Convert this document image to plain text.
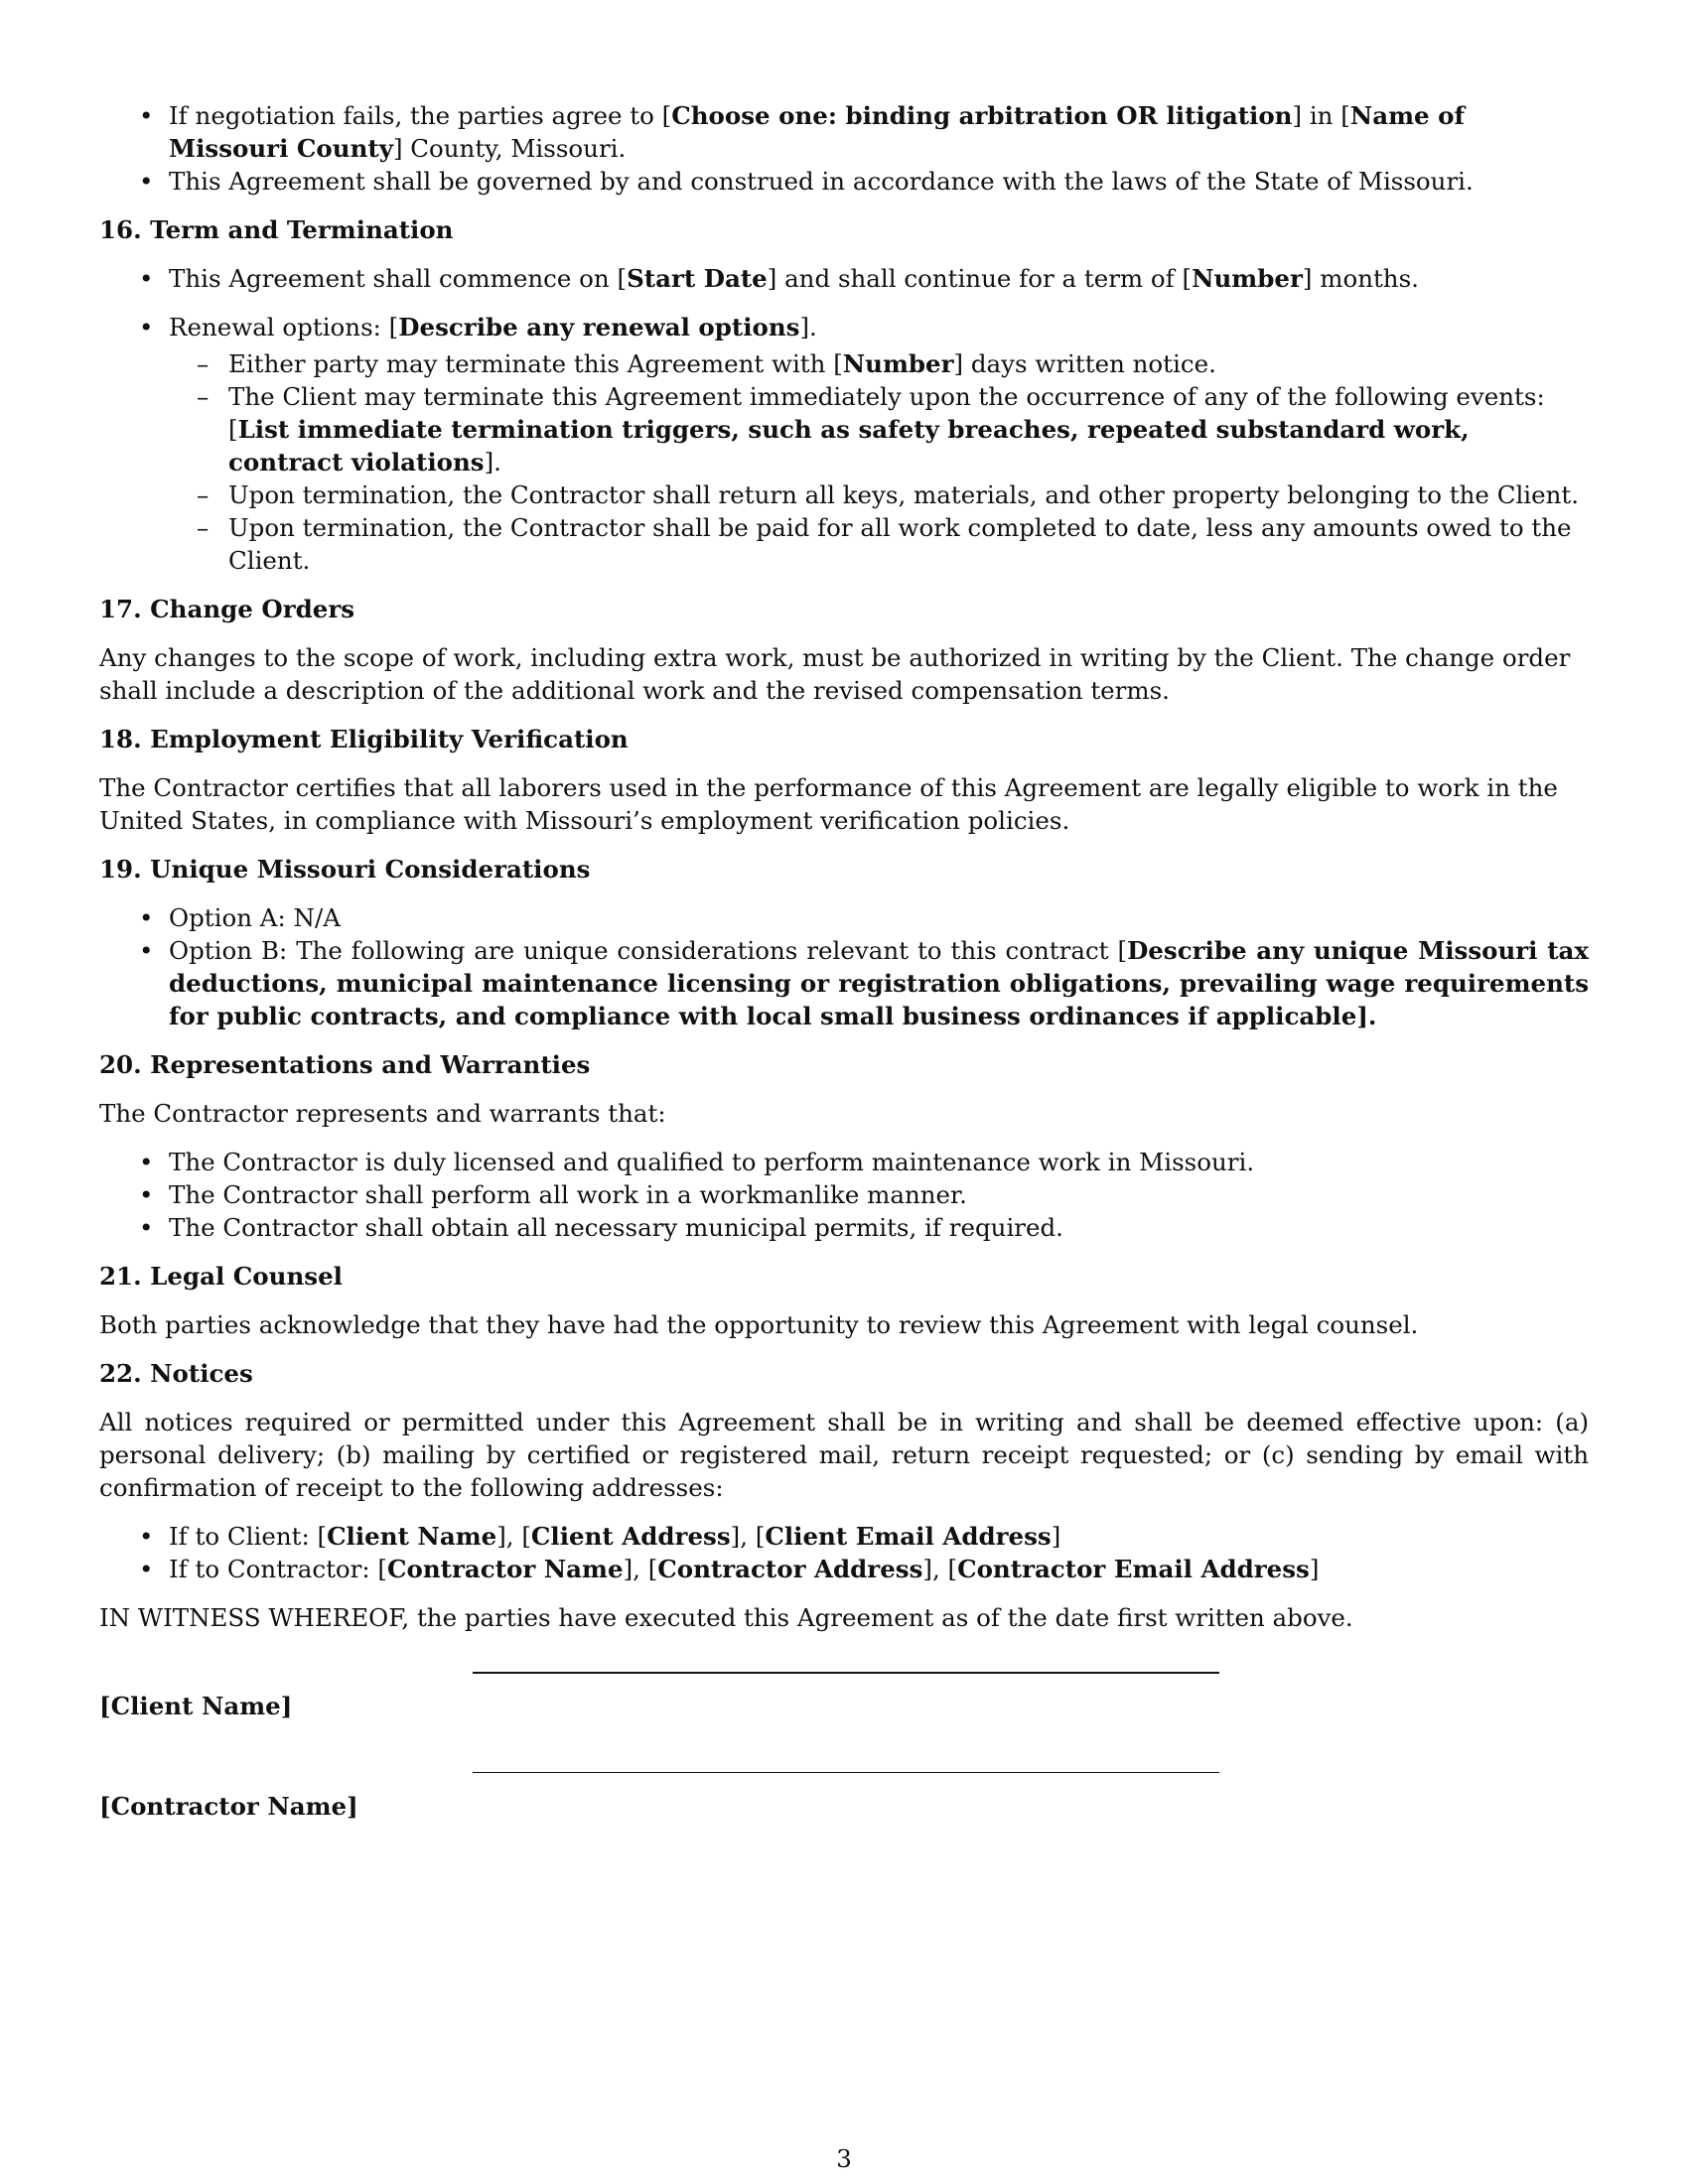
• If negotiation fails, the parties agree to [Choose one: binding arbitration OR litigation] in [Name of Missouri County] County, Missouri.
• This Agreement shall be governed by and construed in accordance with the laws of the State of Missouri.
16. Term and Termination
• This Agreement shall commence on [Start Date] and shall continue for a term of [Number] months.
• Renewal options: [Describe any renewal options].
– Either party may terminate this Agreement with [Number] days written notice.
– The Client may terminate this Agreement immediately upon the occurrence of any of the following events: [List immediate termination triggers, such as safety breaches, repeated substandard work, contract violations].
– Upon termination, the Contractor shall return all keys, materials, and other property belonging to the Client.
– Upon termination, the Contractor shall be paid for all work completed to date, less any amounts owed to the Client.
17. Change Orders
Any changes to the scope of work, including extra work, must be authorized in writing by the Client. The change order shall include a description of the additional work and the revised compensation terms.
18. Employment Eligibility Verification
The Contractor certifies that all laborers used in the performance of this Agreement are legally eligible to work in the United States, in compliance with Missouri’s employment verification policies.
19. Unique Missouri Considerations
• Option A: N/A
• Option B: The following are unique considerations relevant to this contract [Describe any unique Missouri tax deductions, municipal maintenance licensing or registration obligations, prevailing wage requirements for public contracts, and compliance with local small business ordinances if applicable].
20. Representations and Warranties
The Contractor represents and warrants that:
• The Contractor is duly licensed and qualified to perform maintenance work in Missouri.
• The Contractor shall perform all work in a workmanlike manner.
• The Contractor shall obtain all necessary municipal permits, if required.
21. Legal Counsel
Both parties acknowledge that they have had the opportunity to review this Agreement with legal counsel.
22. Notices
All notices required or permitted under this Agreement shall be in writing and shall be deemed effective upon: (a) personal delivery; (b) mailing by certified or registered mail, return receipt requested; or (c) sending by email with confirmation of receipt to the following addresses:
• If to Client: [Client Name], [Client Address], [Client Email Address]
• If to Contractor: [Contractor Name], [Contractor Address], [Contractor Email Address]
IN WITNESS WHEREOF, the parties have executed this Agreement as of the date first written above.
[Client Name]
[Contractor Name]
3
